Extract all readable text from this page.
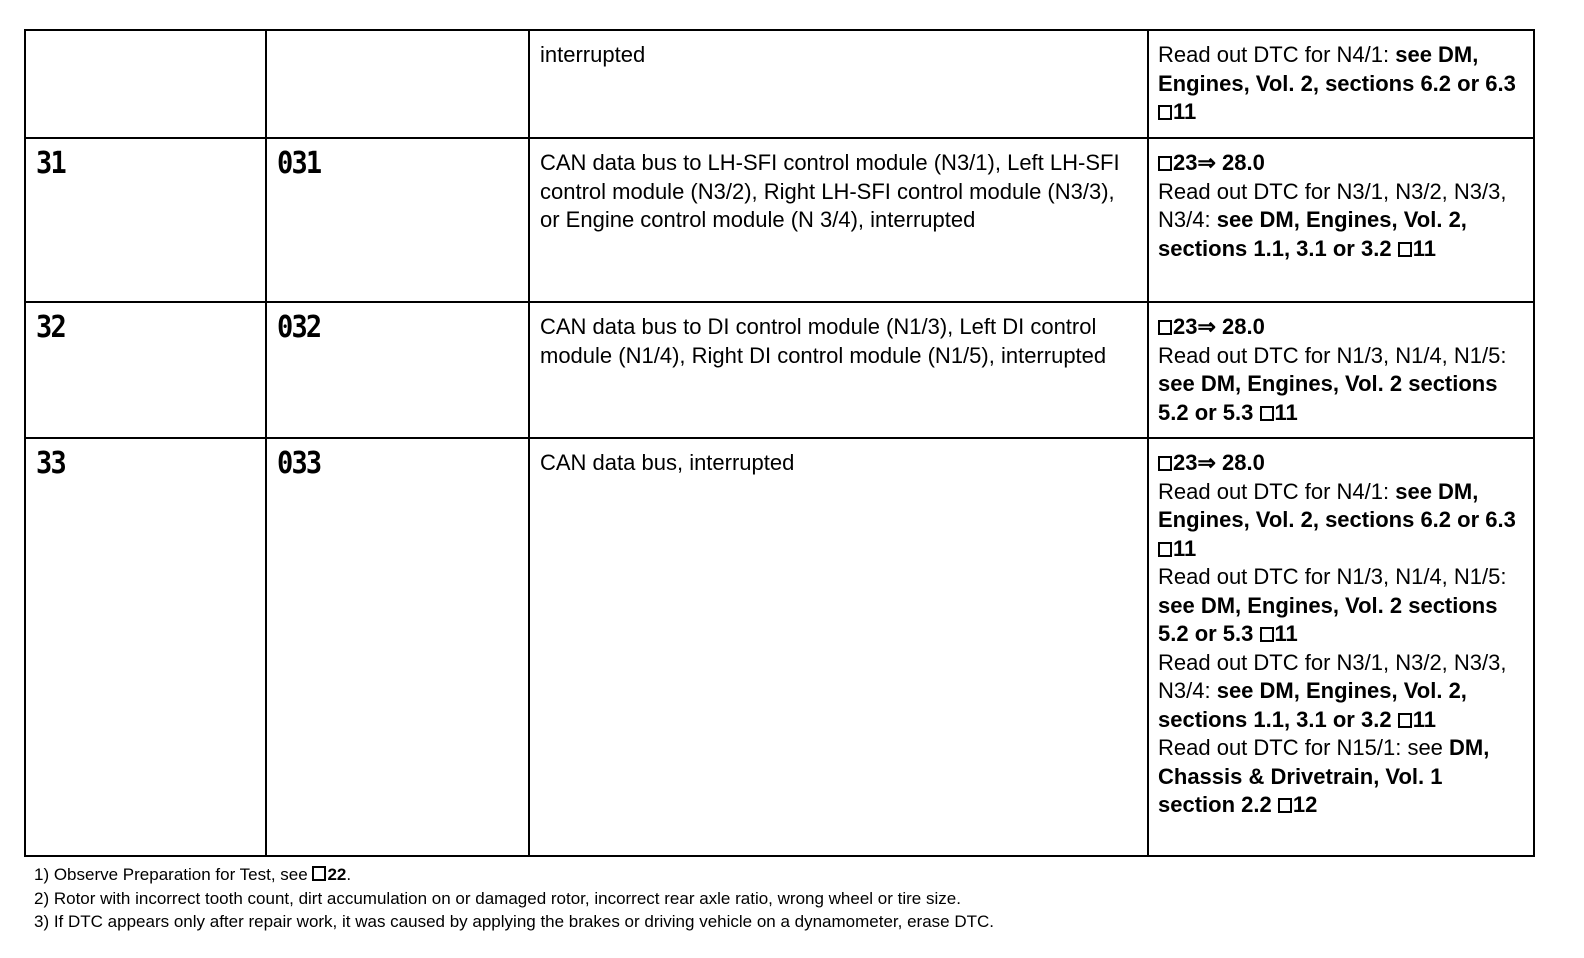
		interrupted	Read out DTC for N4/1: see DM, Engines, Vol. 2, sections 6.2 or 6.3 11

31	031	CAN data bus to LH-SFI control module (N3/1), Left LH-SFI control module (N3/2), Right LH-SFI control module (N3/3), or Engine control module (N 3/4), interrupted	23⇒ 28.0
Read out DTC for N3/1, N3/2, N3/3, N3/4: see DM, Engines, Vol. 2, sections 1.1, 3.1 or 3.2 11

32	032	CAN data bus to DI control module (N1/3), Left DI control module (N1/4), Right DI control module (N1/5), interrupted	23⇒ 28.0
Read out DTC for N1/3, N1/4, N1/5: see DM, Engines, Vol. 2 sections 5.2 or 5.3 11

33	033	CAN data bus, interrupted	23⇒ 28.0
Read out DTC for N4/1: see DM, Engines, Vol. 2, sections 6.2 or 6.3 11
Read out DTC for N1/3, N1/4, N1/5: see DM, Engines, Vol. 2 sections 5.2 or 5.3 11
Read out DTC for N3/1, N3/2, N3/3, N3/4: see DM, Engines, Vol. 2, sections 1.1, 3.1 or 3.2 11
Read out DTC for N15/1: see DM, Chassis & Drivetrain, Vol. 1 section 2.2 12
1) Observe Preparation for Test, see 22.
2) Rotor with incorrect tooth count, dirt accumulation on or damaged rotor, incorrect rear axle ratio, wrong wheel or tire size.
3) If DTC appears only after repair work, it was caused by applying the brakes or driving vehicle on a dynamometer, erase DTC.
